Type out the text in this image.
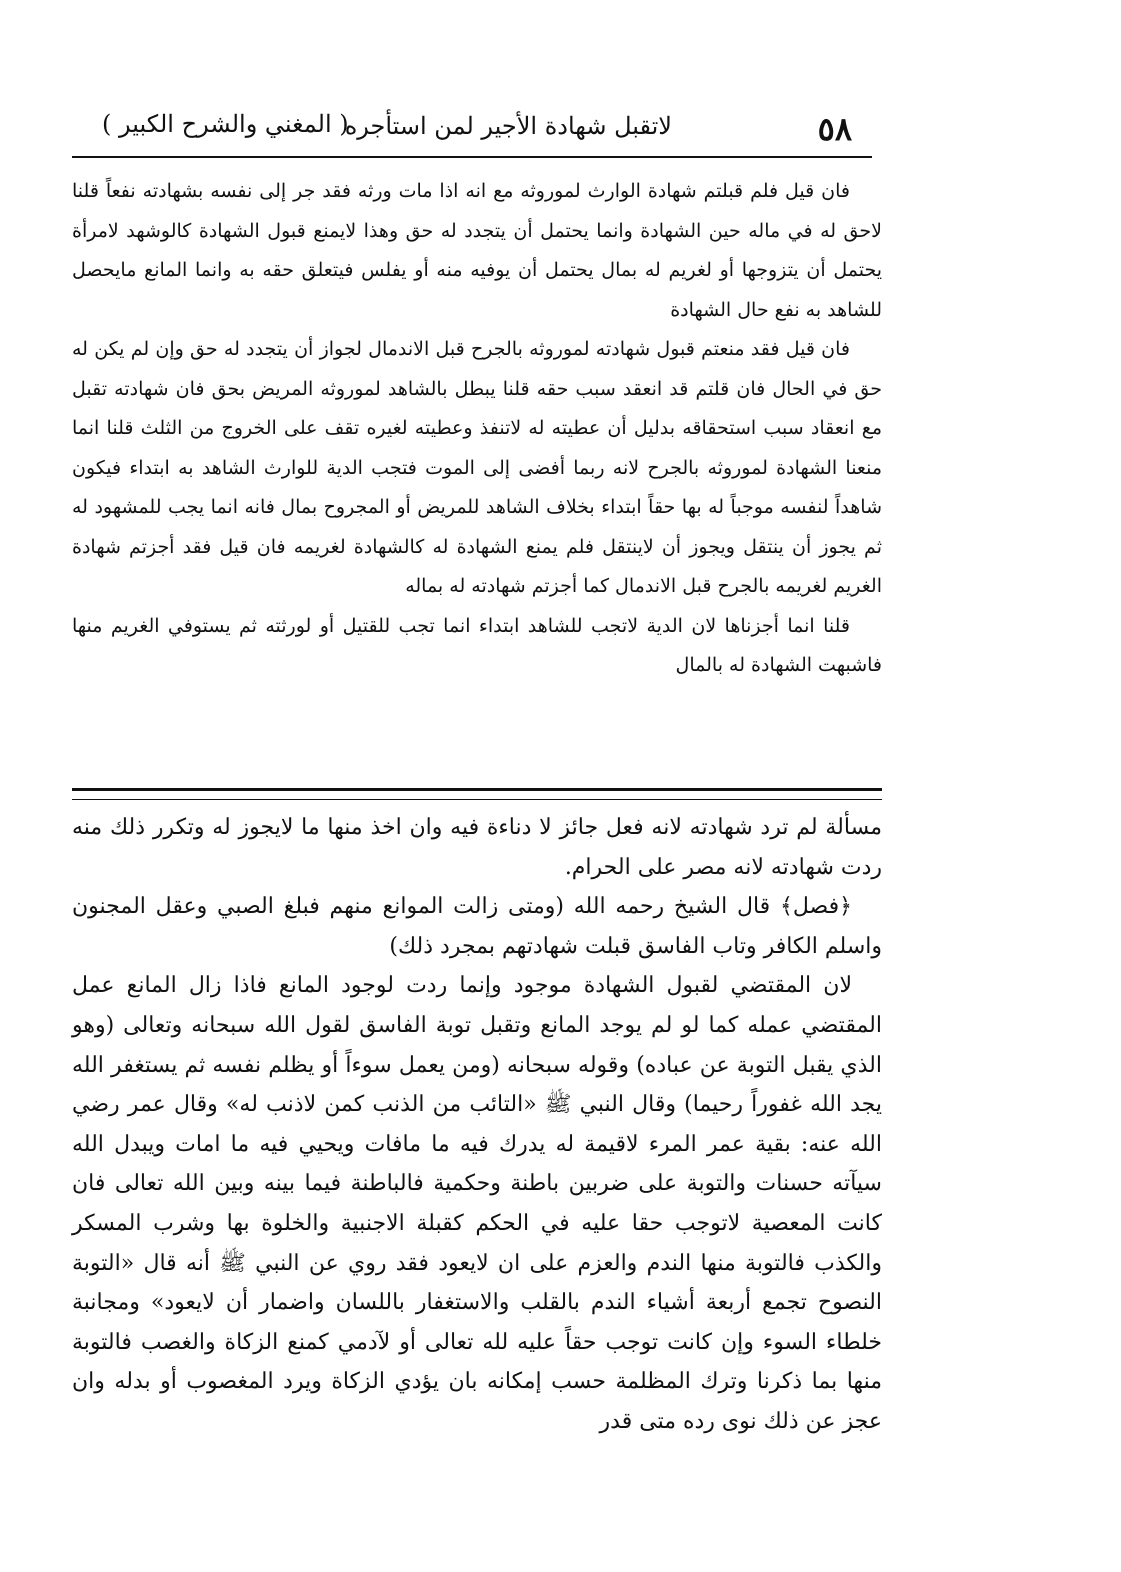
٥٨
لاتقبل شهادة الأجير لمن استأجره
( المغني والشرح الكبير )

فان قيل فلم قبلتم شهادة الوارث لموروثه مع انه اذا مات ورثه فقد جر إلى نفسه بشهادته نفعاً قلنا لاحق له في ماله حين الشهادة وانما يحتمل أن يتجدد له حق وهذا لايمنع قبول الشهادة كالوشهد لامرأة يحتمل أن يتزوجها أو لغريم له بمال يحتمل أن يوفيه منه أو يفلس فيتعلق حقه به وانما المانع مايحصل للشاهد به نفع حال الشهادة

فان قيل فقد منعتم قبول شهادته لموروثه بالجرح قبل الاندمال لجواز أن يتجدد له حق وإن لم يكن له حق في الحال فان قلتم قد انعقد سبب حقه قلنا يبطل بالشاهد لموروثه المريض بحق فان شهادته تقبل مع انعقاد سبب استحقاقه بدليل أن عطيته له لاتنفذ وعطيته لغيره تقف على الخروج من الثلث قلنا انما منعنا الشهادة لموروثه بالجرح لانه ربما أفضى إلى الموت فتجب الدية للوارث الشاهد به ابتداء فيكون شاهداً لنفسه موجباً له بها حقاً ابتداء بخلاف الشاهد للمريض أو المجروح بمال فانه انما يجب للمشهود له ثم يجوز أن ينتقل ويجوز أن لاينتقل فلم يمنع الشهادة له كالشهادة لغريمه فان قيل فقد أجزتم شهادة الغريم لغريمه بالجرح قبل الاندمال كما أجزتم شهادته له بماله

قلنا انما أجزناها لان الدية لاتجب للشاهد ابتداء انما تجب للقتيل أو لورثته ثم يستوفي الغريم منها فاشبهت الشهادة له بالمال

مسألة لم ترد شهادته لانه فعل جائز لا دناءة فيه وان اخذ منها ما لايجوز له وتكرر ذلك منه ردت شهادته لانه مصر على الحرام.

﴿فصل﴾ قال الشيخ رحمه الله (ومتى زالت الموانع منهم فبلغ الصبي وعقل المجنون واسلم الكافر وتاب الفاسق قبلت شهادتهم بمجرد ذلك)

لان المقتضي لقبول الشهادة موجود وإنما ردت لوجود المانع فاذا زال المانع عمل المقتضي عمله كما لو لم يوجد المانع وتقبل توبة الفاسق لقول الله سبحانه وتعالى (وهو الذي يقبل التوبة عن عباده) وقوله سبحانه (ومن يعمل سوءاً أو يظلم نفسه ثم يستغفر الله يجد الله غفوراً رحيما) وقال النبي ﷺ «التائب من الذنب كمن لاذنب له» وقال عمر رضي الله عنه: بقية عمر المرء لاقيمة له يدرك فيه ما مافات ويحيي فيه ما امات ويبدل الله سيآته حسنات والتوبة على ضربين باطنة وحكمية فالباطنة فيما بينه وبين الله تعالى فان كانت المعصية لاتوجب حقا عليه في الحكم كقبلة الاجنبية والخلوة بها وشرب المسكر والكذب فالتوبة منها الندم والعزم على ان لايعود فقد روي عن النبي ﷺ أنه قال «التوبة النصوح تجمع أربعة أشياء الندم بالقلب والاستغفار باللسان واضمار أن لايعود» ومجانبة خلطاء السوء وإن كانت توجب حقاً عليه لله تعالى أو لآدمي كمنع الزكاة والغصب فالتوبة منها بما ذكرنا وترك المظلمة حسب إمكانه بان يؤدي الزكاة ويرد المغصوب أو بدله وان عجز عن ذلك نوى رده متى قدر
